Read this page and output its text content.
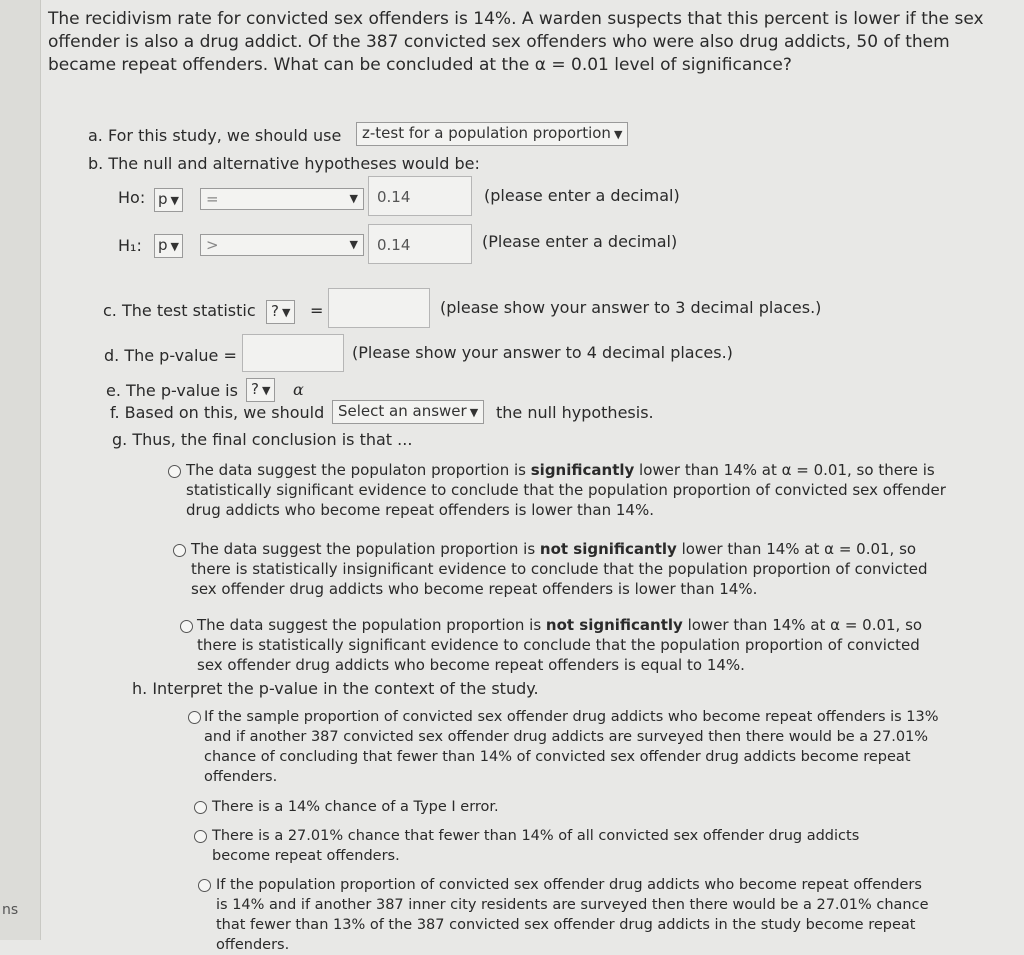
ns
The recidivism rate for convicted sex offenders is 14%. A warden suspects that this percent is lower if the sex offender is also a drug addict. Of the 387 convicted sex offenders who were also drug addicts, 50 of them became repeat offenders. What can be concluded at the α = 0.01 level of significance?
a. For this study, we should use	z-test for a population proportion ▼
b. The null and alternative hypotheses would be:
Ho: p ▼	=	▼	0.14	(please enter a decimal)
H₁: p ▼	>	▼	0.14	(Please enter a decimal)
c. The test statistic	? ▼	=	(please show your answer to 3 decimal places.)
d. The p-value =	(Please show your answer to 4 decimal places.)
e. The p-value is ? ▼	α
f. Based on this, we should Select an answer ▼	the null hypothesis.
g. Thus, the final conclusion is that ...
The data suggest the populaton proportion is significantly lower than 14% at α = 0.01, so there is statistically significant evidence to conclude that the population proportion of convicted sex offender drug addicts who become repeat offenders is lower than 14%.
The data suggest the population proportion is not significantly lower than 14% at α = 0.01, so there is statistically insignificant evidence to conclude that the population proportion of convicted sex offender drug addicts who become repeat offenders is lower than 14%.
The data suggest the population proportion is not significantly lower than 14% at α = 0.01, so there is statistically significant evidence to conclude that the population proportion of convicted sex offender drug addicts who become repeat offenders is equal to 14%.
h. Interpret the p-value in the context of the study.
If the sample proportion of convicted sex offender drug addicts who become repeat offenders is 13% and if another 387 convicted sex offender drug addicts are surveyed then there would be a 27.01% chance of concluding that fewer than 14% of convicted sex offender drug addicts become repeat offenders.
There is a 14% chance of a Type I error.
There is a 27.01% chance that fewer than 14% of all convicted sex offender drug addicts become repeat offenders.
If the population proportion of convicted sex offender drug addicts who become repeat offenders is 14% and if another 387 inner city residents are surveyed then there would be a 27.01% chance that fewer than 13% of the 387 convicted sex offender drug addicts in the study become repeat offenders.
